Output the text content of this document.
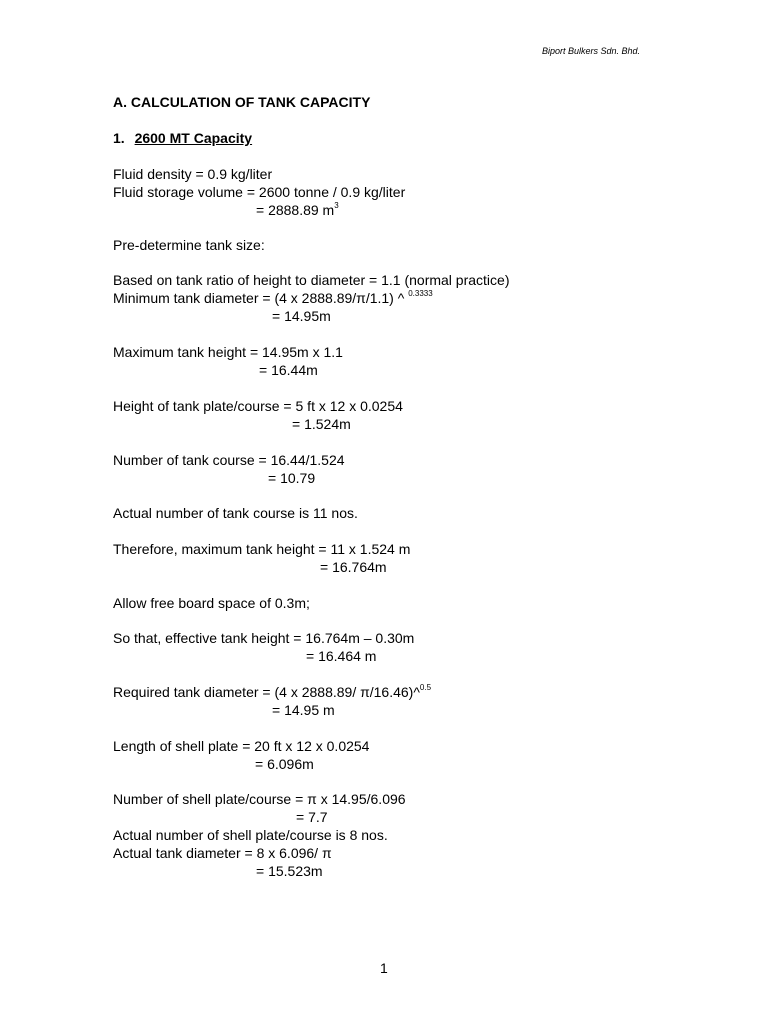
Biport Bulkers Sdn. Bhd.
A. CALCULATION OF TANK CAPACITY
1. 2600 MT Capacity
Fluid density = 0.9 kg/liter
Fluid storage volume = 2600 tonne / 0.9 kg/liter
= 2888.89 $m^3$
Pre-determine tank size:
Based on tank ratio of height to diameter = 1.1 (normal practice)
Minimum tank diameter = (4 x 2888.89/π/1.1) ^ $^{0.3333}$
= 14.95m
Maximum tank height = 14.95m x 1.1
= 16.44m
Height of tank plate/course = 5 ft x 12 x 0.0254
= 1.524m
Number of tank course = 16.44/1.524
= 10.79
Actual number of tank course is 11 nos.
Therefore, maximum tank height = 11 x 1.524 m
= 16.764m
Allow free board space of 0.3m;
So that, effective tank height = 16.764m – 0.30m
= 16.464 m
Required tank diameter = (4 x 2888.89/ π/16.46)^$^{0.5}$
= 14.95 m
Length of shell plate = 20 ft x 12 x 0.0254
= 6.096m
Number of shell plate/course = π x 14.95/6.096
= 7.7
Actual number of shell plate/course is 8 nos.
Actual tank diameter = 8 x 6.096/ π
= 15.523m
1
